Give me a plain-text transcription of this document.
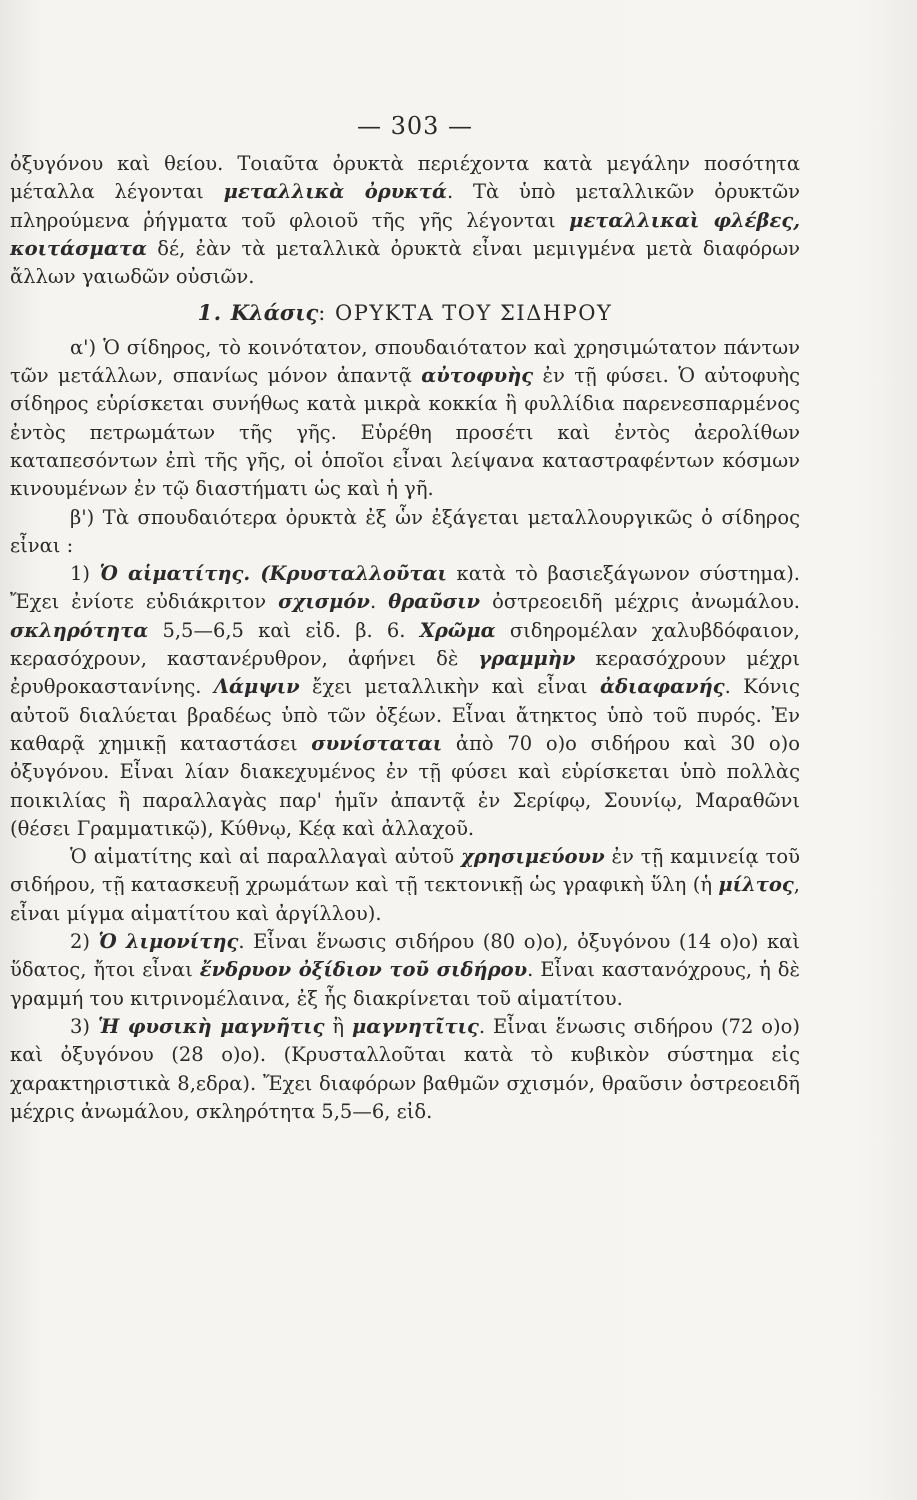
— 303 —

ὀξυγόνου καὶ θείου. Τοιαῦτα ὀρυκτὰ περιέχοντα κατὰ μεγάλην ποσότητα μέταλλα λέγονται μεταλλικὰ ὀρυκτά. Τὰ ὑπὸ μεταλλικῶν ὀρυκτῶν πληρούμενα ῥήγματα τοῦ φλοιοῦ τῆς γῆς λέγονται μεταλλικαὶ φλέβες, κοιτάσματα δέ, ἐὰν τὰ μεταλλικὰ ὀρυκτὰ εἶναι μεμιγμένα μετὰ διαφόρων ἄλλων γαιωδῶν οὐσιῶν.

1. Κλάσις: ΟΡΥΚΤΑ ΤΟΥ ΣΙΔΗΡΟΥ

α') Ὁ σίδηρος, τὸ κοινότατον, σπουδαιότατον καὶ χρησιμώτατον πάντων τῶν μετάλλων, σπανίως μόνον ἀπαντᾷ αὐτοφυὴς ἐν τῇ φύσει. Ὁ αὐτοφυὴς σίδηρος εὑρίσκεται συνήθως κατὰ μικρὰ κοκκία ἢ φυλλίδια παρενεσπαρμένος ἐντὸς πετρωμάτων τῆς γῆς. Εὑρέθη προσέτι καὶ ἐντὸς ἀερολίθων καταπεσόντων ἐπὶ τῆς γῆς, οἱ ὁποῖοι εἶναι λείψανα καταστραφέντων κόσμων κινουμένων ἐν τῷ διαστήματι ὡς καὶ ἡ γῆ.

β') Τὰ σπουδαιότερα ὀρυκτὰ ἐξ ὧν ἐξάγεται μεταλλουργικῶς ὁ σίδηρος εἶναι :

1) Ὁ αἱματίτης. (Κρυσταλλοῦται κατὰ τὸ βασιεξάγωνον σύστημα). Ἔχει ἐνίοτε εὐδιάκριτον σχισμόν. θραῦσιν ὀστρεοειδῆ μέχρις ἀνωμάλου. σκληρότητα 5,5—6,5 καὶ εἰδ. β. 6. Χρῶμα σιδηρομέλαν χαλυβδόφαιον, κερασόχρουν, καστανέρυθρον, ἀφήνει δὲ γραμμὴν κερασόχρουν μέχρι ἐρυθροκαστανίνης. Λάμψιν ἔχει μεταλλικὴν καὶ εἶναι ἀδιαφανής. Κόνις αὐτοῦ διαλύεται βραδέως ὑπὸ τῶν ὀξέων. Εἶναι ἄτηκτος ὑπὸ τοῦ πυρός. Ἐν καθαρᾷ χημικῇ καταστάσει συνίσταται ἀπὸ 70 ο)ο σιδήρου καὶ 30 ο)ο ὀξυγόνου. Εἶναι λίαν διακεχυμένος ἐν τῇ φύσει καὶ εὑρίσκεται ὑπὸ πολλὰς ποικιλίας ἢ παραλλαγὰς παρ' ἡμῖν ἀπαντᾷ ἐν Σερίφῳ, Σουνίῳ, Μαραθῶνι (θέσει Γραμματικῷ), Κύθνῳ, Κέᾳ καὶ ἀλλαχοῦ.

Ὁ αἱματίτης καὶ αἱ παραλλαγαὶ αὐτοῦ χρησιμεύουν ἐν τῇ καμινείᾳ τοῦ σιδήρου, τῇ κατασκευῇ χρωμάτων καὶ τῇ τεκτονικῇ ὡς γραφικὴ ὕλη (ἡ μίλτος, εἶναι μίγμα αἱματίτου καὶ ἀργίλλου).

2) Ὁ λιμονίτης. Εἶναι ἕνωσις σιδήρου (80 ο)ο), ὀξυγόνου (14 ο)ο) καὶ ὕδατος, ἤτοι εἶναι ἔνδρυον ὀξίδιον τοῦ σιδήρου. Εἶναι καστανόχρους, ἡ δὲ γραμμή του κιτρινομέλαινα, ἐξ ἧς διακρίνεται τοῦ αἱματίτου.

3) Ἡ φυσικὴ μαγνῆτις ἢ μαγνητῖτις. Εἶναι ἕνωσις σιδήρου (72 ο)ο) καὶ ὀξυγόνου (28 ο)ο). (Κρυσταλλοῦται κατὰ τὸ κυβικὸν σύστημα εἰς χαρακτηριστικὰ 8,εδρα). Ἔχει διαφόρων βαθμῶν σχισμόν, θραῦσιν ὀστρεοειδῆ μέχρις ἀνωμάλου, σκληρότητα 5,5—6, εἰδ.
